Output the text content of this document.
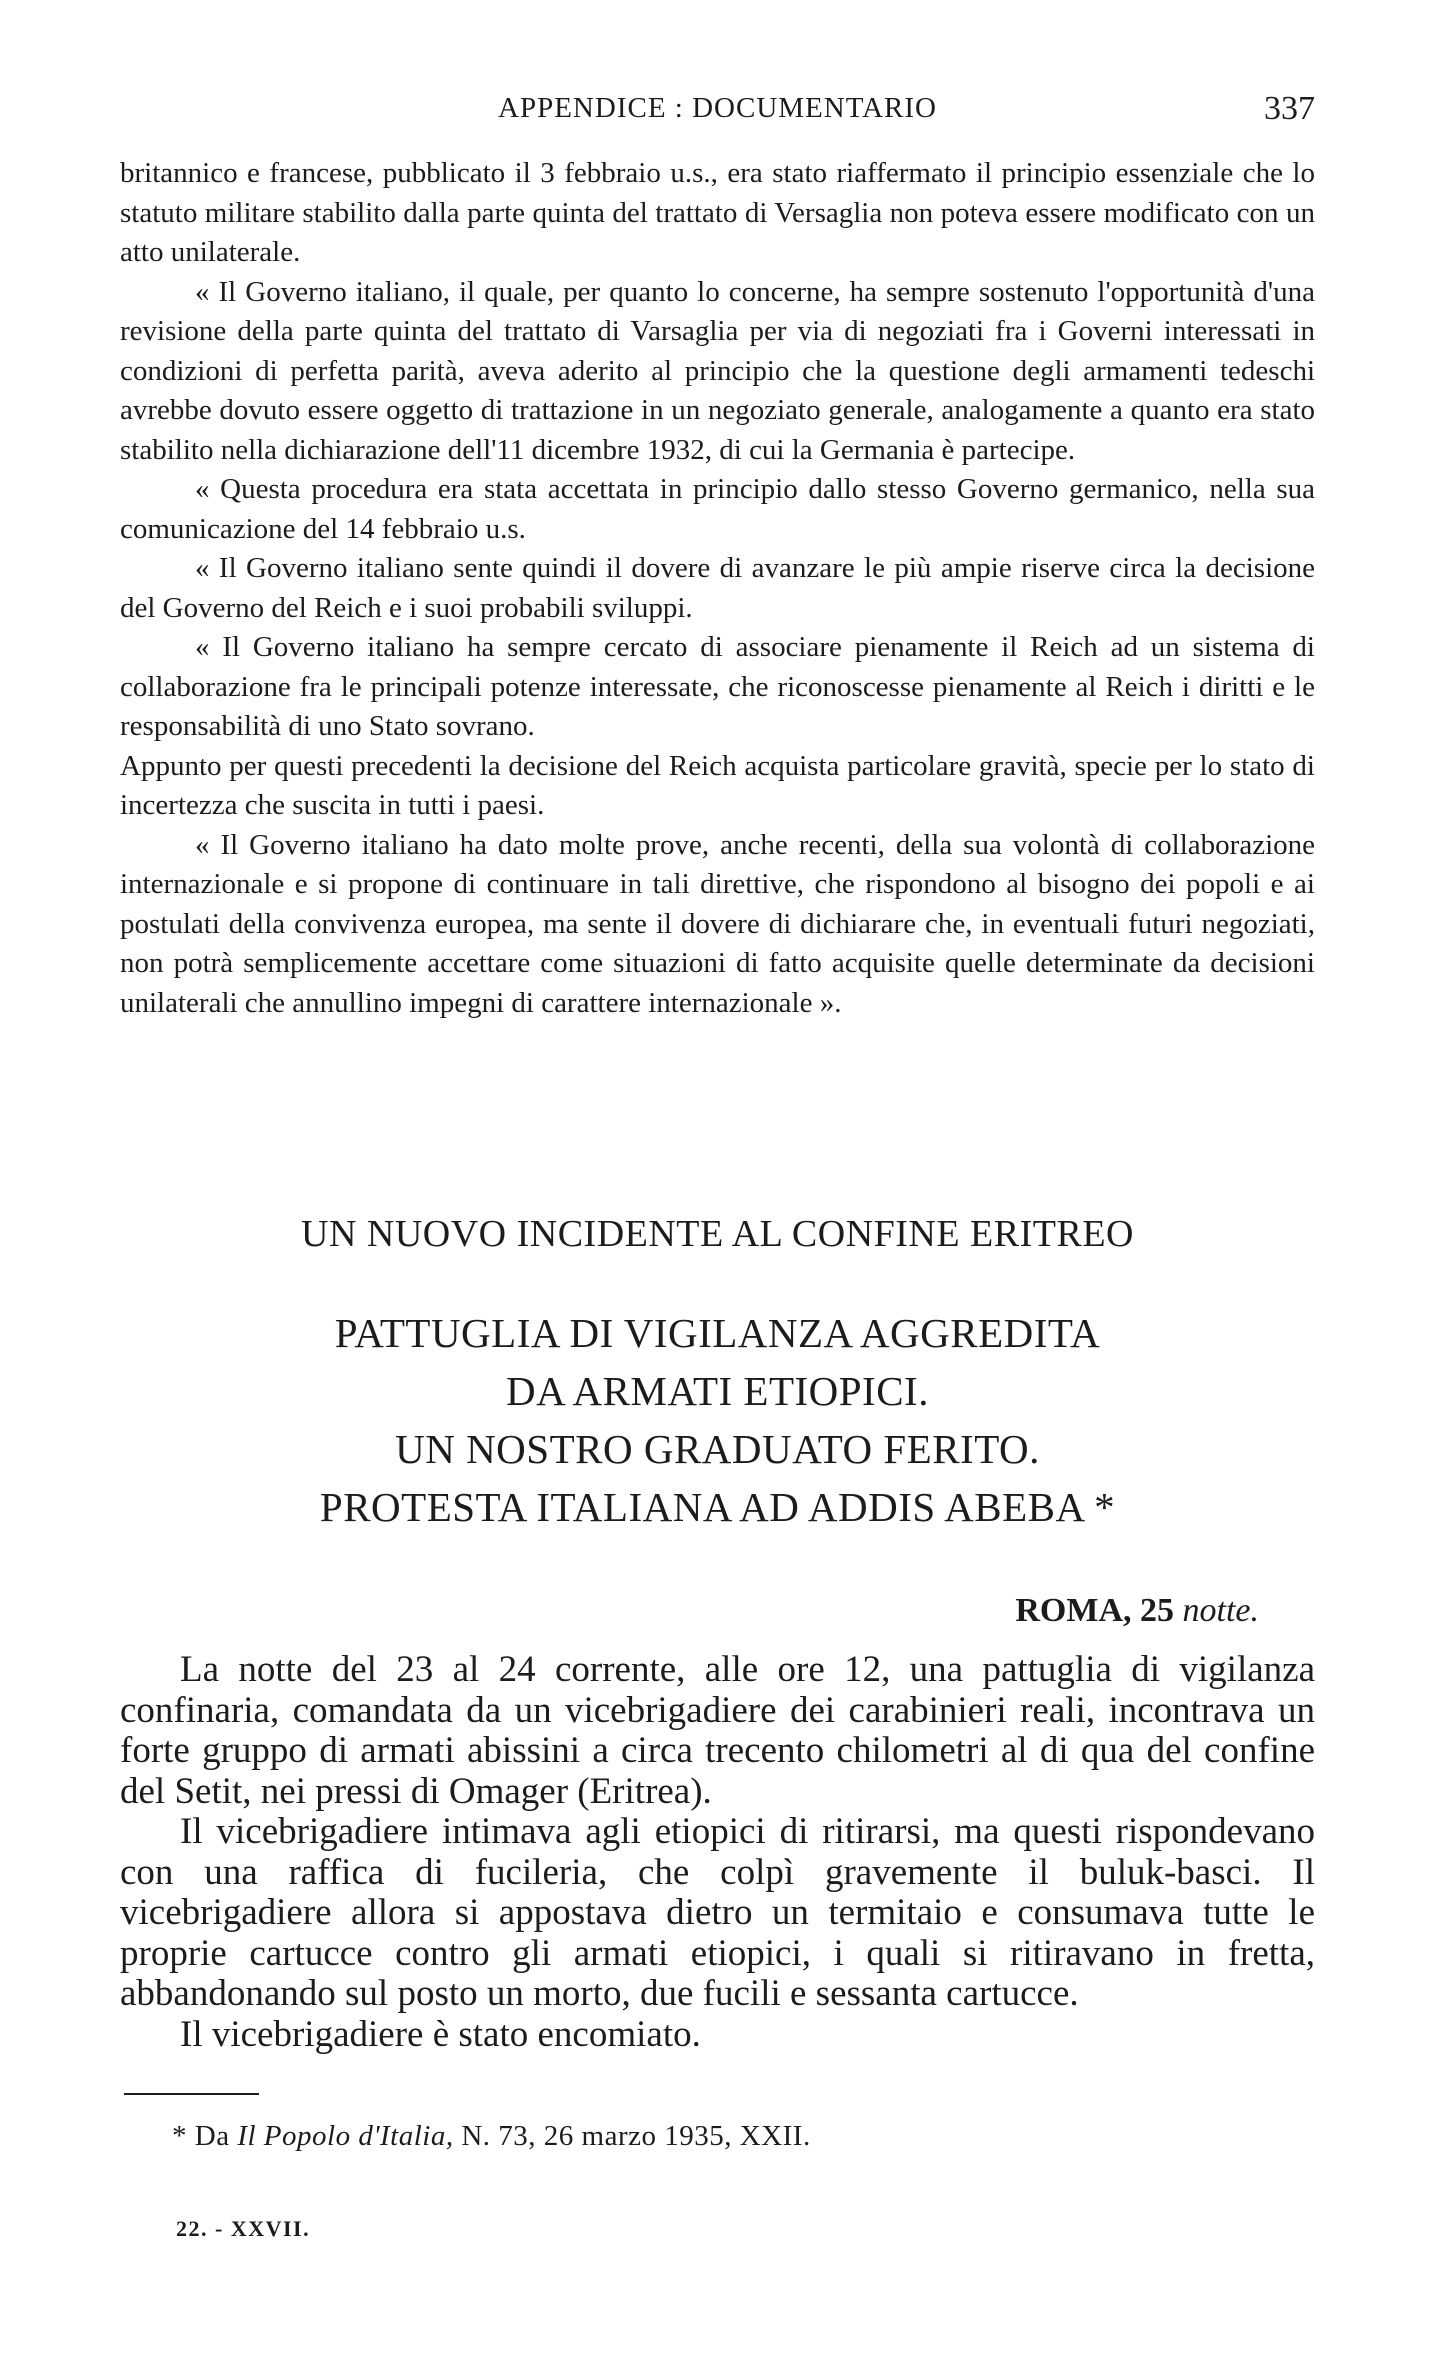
APPENDICE : DOCUMENTARIO	337

britannico e francese, pubblicato il 3 febbraio u.s., era stato riaffermato il principio essenziale che lo statuto militare stabilito dalla parte quinta del trattato di Versaglia non poteva essere modificato con un atto unilaterale.

« Il Governo italiano, il quale, per quanto lo concerne, ha sempre sostenuto l'opportunità d'una revisione della parte quinta del trattato di Varsaglia per via di negoziati fra i Governi interessati in condizioni di perfetta parità, aveva aderito al principio che la questione degli armamenti tedeschi avrebbe dovuto essere oggetto di trattazione in un negoziato generale, analogamente a quanto era stato stabilito nella dichiarazione dell'11 dicembre 1932, di cui la Germania è partecipe.

« Questa procedura era stata accettata in principio dallo stesso Governo germanico, nella sua comunicazione del 14 febbraio u.s.

« Il Governo italiano sente quindi il dovere di avanzare le più ampie riserve circa la decisione del Governo del Reich e i suoi probabili sviluppi.

« Il Governo italiano ha sempre cercato di associare pienamente il Reich ad un sistema di collaborazione fra le principali potenze interessate, che riconoscesse pienamente al Reich i diritti e le responsabilità di uno Stato sovrano.

Appunto per questi precedenti la decisione del Reich acquista particolare gravità, specie per lo stato di incertezza che suscita in tutti i paesi.

« Il Governo italiano ha dato molte prove, anche recenti, della sua volontà di collaborazione internazionale e si propone di continuare in tali direttive, che rispondono al bisogno dei popoli e ai postulati della convivenza europea, ma sente il dovere di dichiarare che, in eventuali futuri negoziati, non potrà semplicemente accettare come situazioni di fatto acquisite quelle determinate da decisioni unilaterali che annullino impegni di carattere internazionale ».

UN NUOVO INCIDENTE AL CONFINE ERITREO
PATTUGLIA DI VIGILANZA AGGREDITA
DA ARMATI ETIOPICI.
UN NOSTRO GRADUATO FERITO.
PROTESTA ITALIANA AD ADDIS ABEBA *
ROMA, 25 notte.

La notte del 23 al 24 corrente, alle ore 12, una pattuglia di vigilanza confinaria, comandata da un vicebrigadiere dei carabinieri reali, incontrava un forte gruppo di armati abissini a circa trecento chilometri al di qua del confine del Setit, nei pressi di Omager (Eritrea).

Il vicebrigadiere intimava agli etiopici di ritirarsi, ma questi rispondevano con una raffica di fucileria, che colpì gravemente il buluk-basci. Il vicebrigadiere allora si appostava dietro un termitaio e consumava tutte le proprie cartucce contro gli armati etiopici, i quali si ritiravano in fretta, abbandonando sul posto un morto, due fucili e sessanta cartucce.

Il vicebrigadiere è stato encomiato.

* Da Il Popolo d'Italia, N. 73, 26 marzo 1935, XXII.
22. - XXVII.
